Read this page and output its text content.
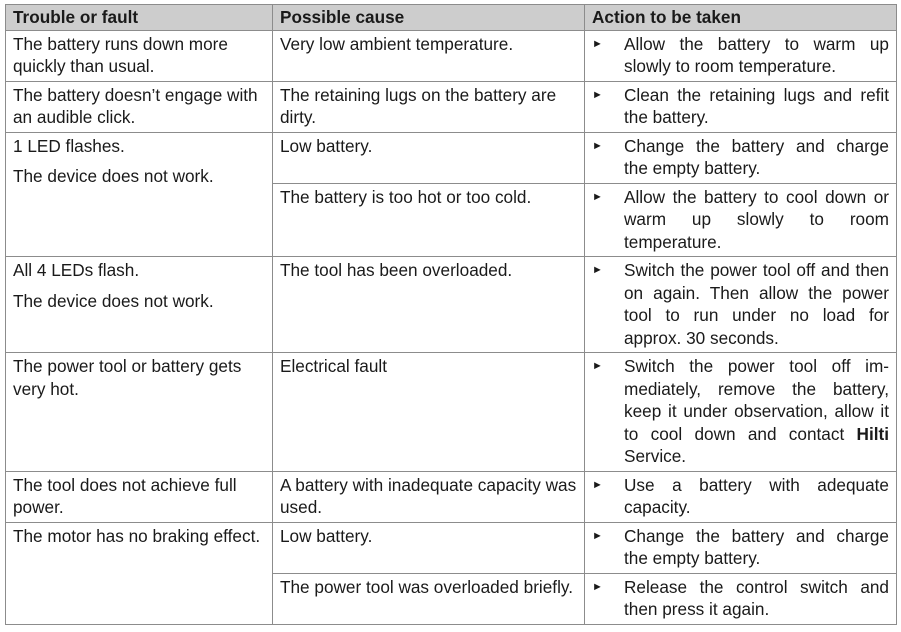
Trouble or fault	Possible cause	Action to be taken

The battery runs down more quickly than usual.	Very low ambient temperature.	► Allow the battery to warm up slowly to room temperature.

The battery doesn’t engage with an audible click.	The retaining lugs on the battery are dirty.	► Clean the retaining lugs and refit the battery.

1 LED flashes.
The device does not work.	Low battery.	► Change the battery and charge the empty battery.

	The battery is too hot or too cold.	► Allow the battery to cool down or warm up slowly to room temperature.

All 4 LEDs flash.
The device does not work.	The tool has been overloaded.	► Switch the power tool off and then on again. Then allow the power tool to run under no load for approx. 30 seconds.

The power tool or battery gets very hot.	Electrical fault	► Switch the power tool off im-mediately, remove the battery, keep it under observation, allow it to cool down and contact Hilti Service.

The tool does not achieve full power.	A battery with inadequate capacity was used.	► Use a battery with adequate capacity.

The motor has no braking effect.	Low battery.	► Change the battery and charge the empty battery.

	The power tool was overloaded briefly.	► Release the control switch and then press it again.
